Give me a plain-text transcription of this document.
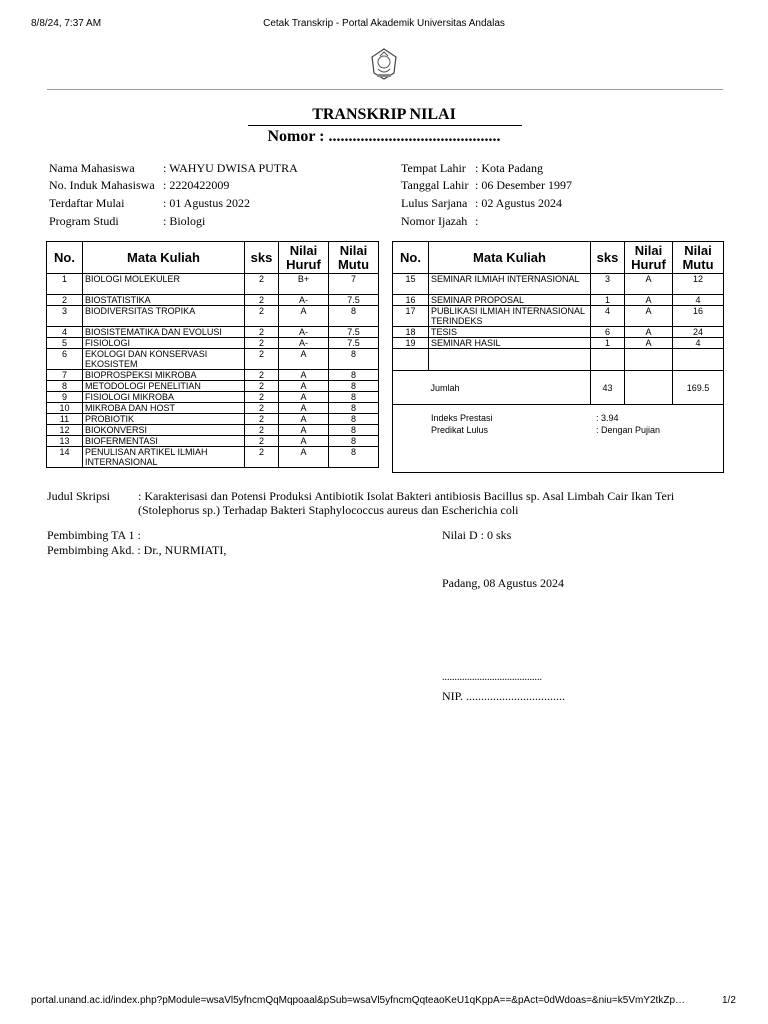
8/8/24, 7:37 AM	Cetak Transkrip - Portal Akademik Universitas Andalas
TRANSKRIP NILAI
Nomor : ...........................................
Nama Mahasiswa : WAHYU DWISA PUTRA
No. Induk Mahasiswa : 2220422009
Terdaftar Mulai	: 01 Agustus 2022
Program Studi	: Biologi
Tempat Lahir : Kota Padang
Tanggal Lahir : 06 Desember 1997
Lulus Sarjana : 02 Agustus 2024
Nomor Ijazah :
No.	Mata Kuliah	sks	Nilai Huruf	Nilai Mutu
1	BIOLOGI MOLEKULER	2	B+	7
2	BIOSTATISTIKA	2	A-	7.5
3	BIODIVERSITAS TROPIKA	2	A	8
4	BIOSISTEMATIKA DAN EVOLUSI	2	A-	7.5
5	FISIOLOGI	2	A-	7.5
6	EKOLOGI DAN KONSERVASI EKOSISTEM	2	A	8
7	BIOPROSPEKSI MIKROBA	2	A	8
8	METODOLOGI PENELITIAN	2	A	8
9	FISIOLOGI MIKROBA	2	A	8
10	MIKROBA DAN HOST	2	A	8
11	PROBIOTIK	2	A	8
12	BIOKONVERSI	2	A	8
13	BIOFERMENTASI	2	A	8
14	PENULISAN ARTIKEL ILMIAH INTERNASIONAL	2	A	8
No.	Mata Kuliah	sks	Nilai Huruf	Nilai Mutu
15	SEMINAR ILMIAH INTERNASIONAL	3	A	12
16	SEMINAR PROPOSAL	1	A	4
17	PUBLIKASI ILMIAH INTERNASIONAL TERINDEKS	4	A	16
18	TESIS	6	A	24
19	SEMINAR HASIL	1	A	4

	Jumlah	43		169.5

Indeks Prestasi : 3.94
Predikat Lulus : Dengan Pujian				
Judul Skripsi : Karakterisasi dan Potensi Produksi Antibiotik Isolat Bakteri antibiosis Bacillus sp. Asal Limbah Cair Ikan Teri
(Stolephorus sp.) Terhadap Bakteri Staphylococcus aureus dan Escherichia coli
Pembimbing TA 1 :
Pembimbing Akd. : Dr., NURMIATI,
Nilai D : 0 sks
Padang, 08 Agustus 2024
........................................
NIP. .................................
portal.unand.ac.id/index.php?pModule=wsaVl5yfncmQqMqpoaal&pSub=wsaVl5yfncmQqteaoKeU1qKppA==&pAct=0dWdoas=&niu=k5VmY2tkZp…	1/2
